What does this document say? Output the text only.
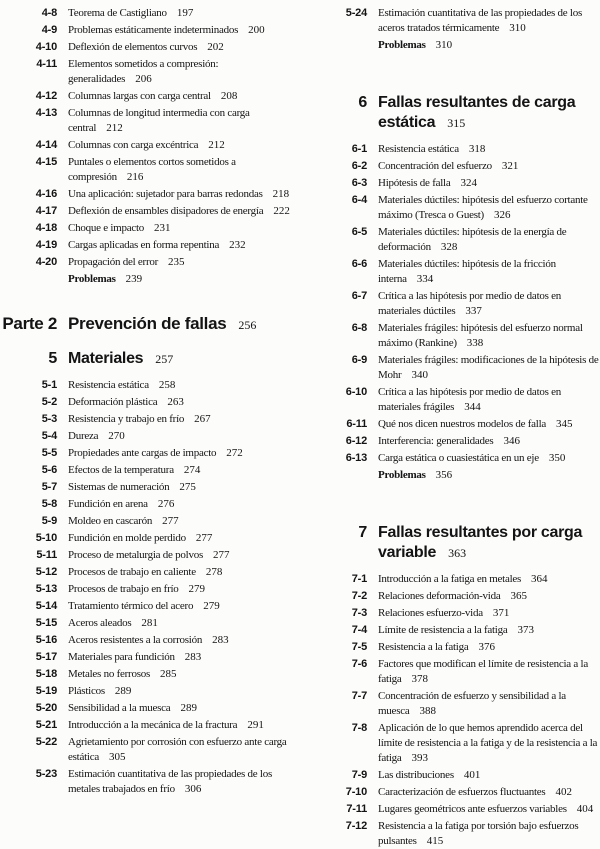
4-8 Teorema de Castigliano 197
4-9 Problemas estáticamente indeterminados 200
4-10 Deflexión de elementos curvos 202
4-11 Elementos sometidos a compresión: generalidades 206
4-12 Columnas largas con carga central 208
4-13 Columnas de longitud intermedia con carga central 212
4-14 Columnas con carga excéntrica 212
4-15 Puntales o elementos cortos sometidos a compresión 216
4-16 Una aplicación: sujetador para barras redondas 218
4-17 Deflexión de ensambles disipadores de energía 222
4-18 Choque e impacto 231
4-19 Cargas aplicadas en forma repentina 232
4-20 Propagación del error 235
Problemas 239
Parte 2 Prevención de fallas 256
5 Materiales 257
5-1 Resistencia estática 258
5-2 Deformación plástica 263
5-3 Resistencia y trabajo en frío 267
5-4 Dureza 270
5-5 Propiedades ante cargas de impacto 272
5-6 Efectos de la temperatura 274
5-7 Sistemas de numeración 275
5-8 Fundición en arena 276
5-9 Moldeo en cascarón 277
5-10 Fundición en molde perdido 277
5-11 Proceso de metalurgia de polvos 277
5-12 Procesos de trabajo en caliente 278
5-13 Procesos de trabajo en frío 279
5-14 Tratamiento térmico del acero 279
5-15 Aceros aleados 281
5-16 Aceros resistentes a la corrosión 283
5-17 Materiales para fundición 283
5-18 Metales no ferrosos 285
5-19 Plásticos 289
5-20 Sensibilidad a la muesca 289
5-21 Introducción a la mecánica de la fractura 291
5-22 Agrietamiento por corrosión con esfuerzo ante carga estática 305
5-23 Estimación cuantitativa de las propiedades de los metales trabajados en frío 306
5-24 Estimación cuantitativa de las propiedades de los aceros tratados térmicamente 310
Problemas 310
6 Fallas resultantes de carga estática 315
6-1 Resistencia estática 318
6-2 Concentración del esfuerzo 321
6-3 Hipótesis de falla 324
6-4 Materiales dúctiles: hipótesis del esfuerzo cortante máximo (Tresca o Guest) 326
6-5 Materiales dúctiles: hipótesis de la energía de deformación 328
6-6 Materiales dúctiles: hipótesis de la fricción interna 334
6-7 Crítica a las hipótesis por medio de datos en materiales dúctiles 337
6-8 Materiales frágiles: hipótesis del esfuerzo normal máximo (Rankine) 338
6-9 Materiales frágiles: modificaciones de la hipótesis de Mohr 340
6-10 Crítica a las hipótesis por medio de datos en materiales frágiles 344
6-11 Qué nos dicen nuestros modelos de falla 345
6-12 Interferencia: generalidades 346
6-13 Carga estática o cuasiestática en un eje 350
Problemas 356
7 Fallas resultantes por carga variable 363
7-1 Introducción a la fatiga en metales 364
7-2 Relaciones deformación-vida 365
7-3 Relaciones esfuerzo-vida 371
7-4 Límite de resistencia a la fatiga 373
7-5 Resistencia a la fatiga 376
7-6 Factores que modifican el límite de resistencia a la fatiga 378
7-7 Concentración de esfuerzo y sensibilidad a la muesca 388
7-8 Aplicación de lo que hemos aprendido acerca del límite de resistencia a la fatiga y de la resistencia a la fatiga 393
7-9 Las distribuciones 401
7-10 Caracterización de esfuerzos fluctuantes 402
7-11 Lugares geométricos ante esfuerzos variables 404
7-12 Resistencia a la fatiga por torsión bajo esfuerzos pulsantes 415
